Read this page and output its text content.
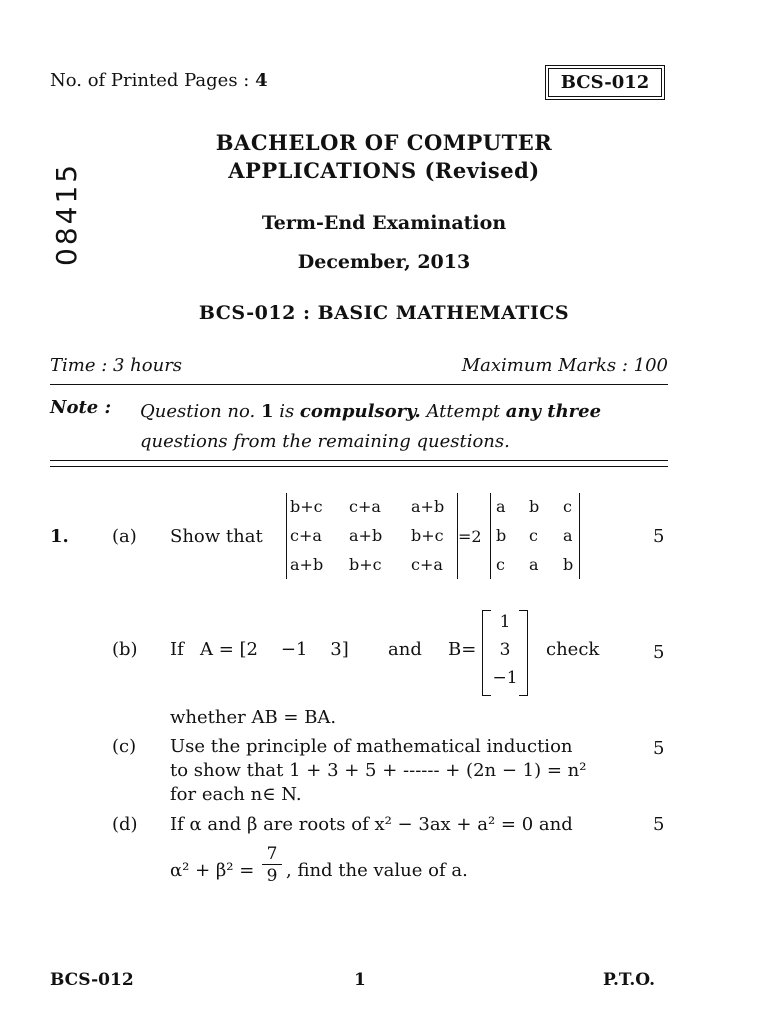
No. of Printed Pages : 4	BCS-012
08415
BACHELOR OF COMPUTER
APPLICATIONS (Revised)
Term-End Examination
December, 2013
BCS-012 : BASIC MATHEMATICS
Time : 3 hours	Maximum Marks : 100
Note : Question no. 1 is compulsory. Attempt any three
questions from the remaining questions.
1. (a) Show that
b+c c+a a+b
c+a a+b b+c
a+b b+c c+a
=2
a b c
b c a
c a b
5
(b) If A = [2    −1    3] and B=
1
3
−1
check	5
whether AB = BA.
(c) Use the principle of mathematical induction
to show that 1 + 3 + 5 + ------ + (2n − 1) = n²
for each n∈ N.
5
(d) If α and β are roots of x² − 3ax + a² = 0 and	5
$\alpha^2 + \beta^2 = \frac{7}{9}$ , find the value of a.
BCS-012	1	P.T.O.
